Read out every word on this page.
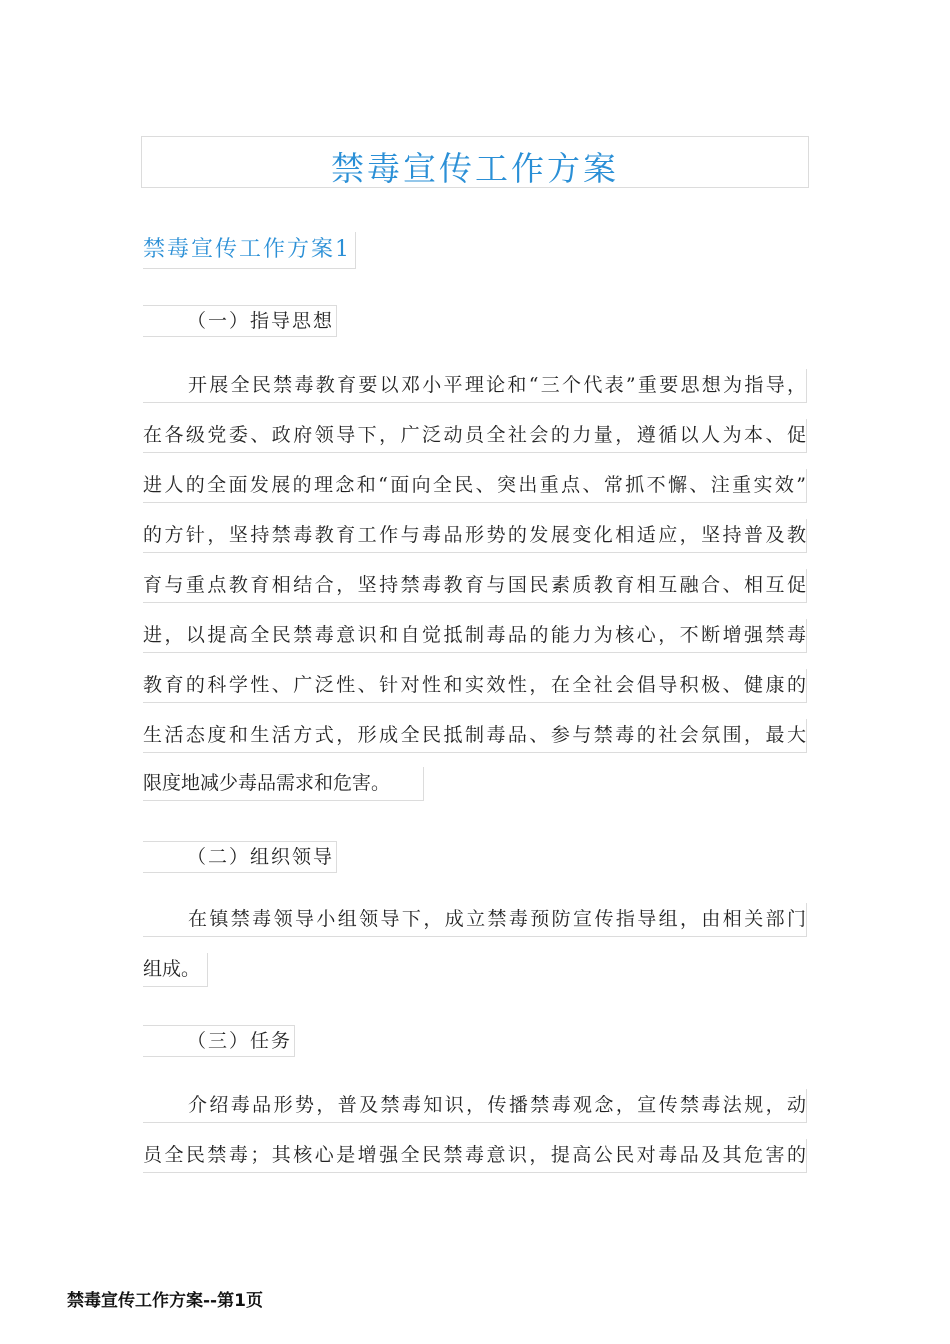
禁毒宣传工作方案
禁毒宣传工作方案1
（一）指导思想
开展全民禁毒教育要以邓小平理论和“三个代表”重要思想为指导，
在各级党委、政府领导下，广泛动员全社会的力量，遵循以人为本、促
进人的全面发展的理念和“面向全民、突出重点、常抓不懈、注重实效”
的方针，坚持禁毒教育工作与毒品形势的发展变化相适应，坚持普及教
育与重点教育相结合，坚持禁毒教育与国民素质教育相互融合、相互促
进，以提高全民禁毒意识和自觉抵制毒品的能力为核心，不断增强禁毒
教育的科学性、广泛性、针对性和实效性，在全社会倡导积极、健康的
生活态度和生活方式，形成全民抵制毒品、参与禁毒的社会氛围，最大
限度地减少毒品需求和危害。
（二）组织领导
在镇禁毒领导小组领导下，成立禁毒预防宣传指导组，由相关部门
组成。
（三）任务
介绍毒品形势，普及禁毒知识，传播禁毒观念，宣传禁毒法规，动
员全民禁毒；其核心是增强全民禁毒意识，提高公民对毒品及其危害的
禁毒宣传工作方案--第1页
